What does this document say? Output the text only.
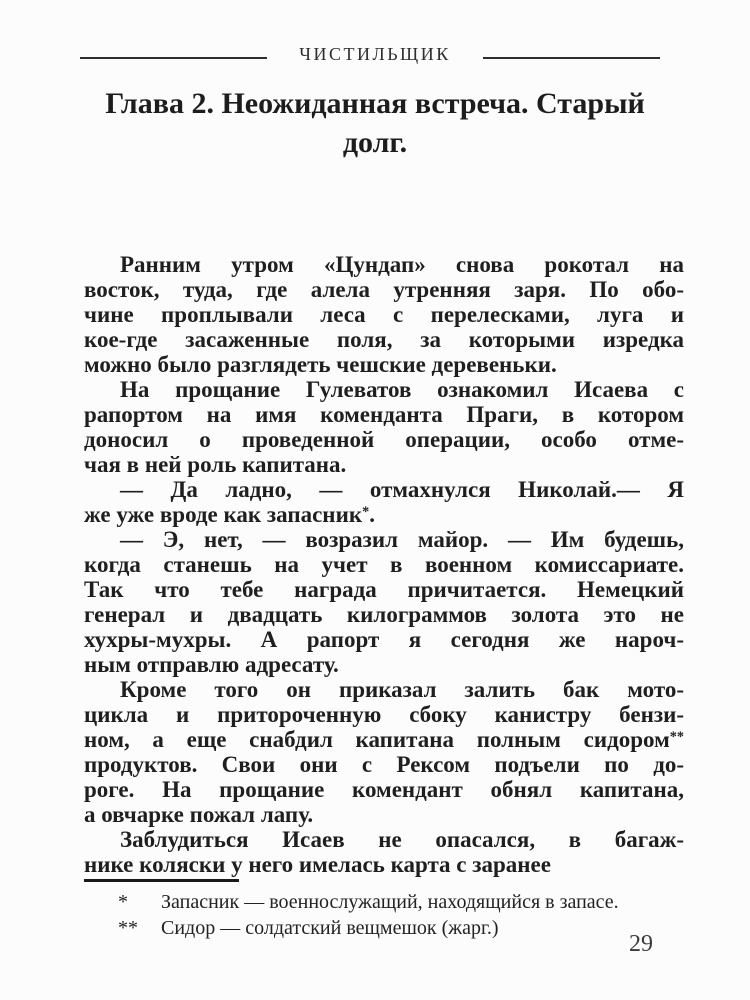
ЧИСТИЛЬЩИК
Глава 2. Неожиданная встреча. Старый
долг.
Ранним утром «Цундап» снова рокотал на
восток, туда, где алела утренняя заря. По обо-
чине проплывали леса с перелесками, луга и
кое-где засаженные поля, за которыми изредка
можно было разглядеть чешские деревеньки.
На прощание Гулеватов ознакомил Исаева с
рапортом на имя коменданта Праги, в котором
доносил о проведенной операции, особо отме-
чая в ней роль капитана.
— Да ладно, — отмахнулся Николай.— Я
же уже вроде как запасник*.
— Э, нет, — возразил майор. — Им будешь,
когда станешь на учет в военном комиссариате.
Так что тебе награда причитается. Немецкий
генерал и двадцать килограммов золота это не
хухры-мухры. А рапорт я сегодня же нароч-
ным отправлю адресату.
Кроме того он приказал залить бак мото-
цикла и притороченную сбоку канистру бензи-
ном, а еще снабдил капитана полным сидором**
продуктов. Свои они с Рексом подъели по до-
роге. На прощание комендант обнял капитана,
а овчарке пожал лапу.
Заблудиться Исаев не опасался, в багаж-
нике коляски у него имелась карта с заранее
*	Запасник — военнослужащий, находящийся в запасе.
**	Сидор — солдатский вещмешок (жарг.)
29
